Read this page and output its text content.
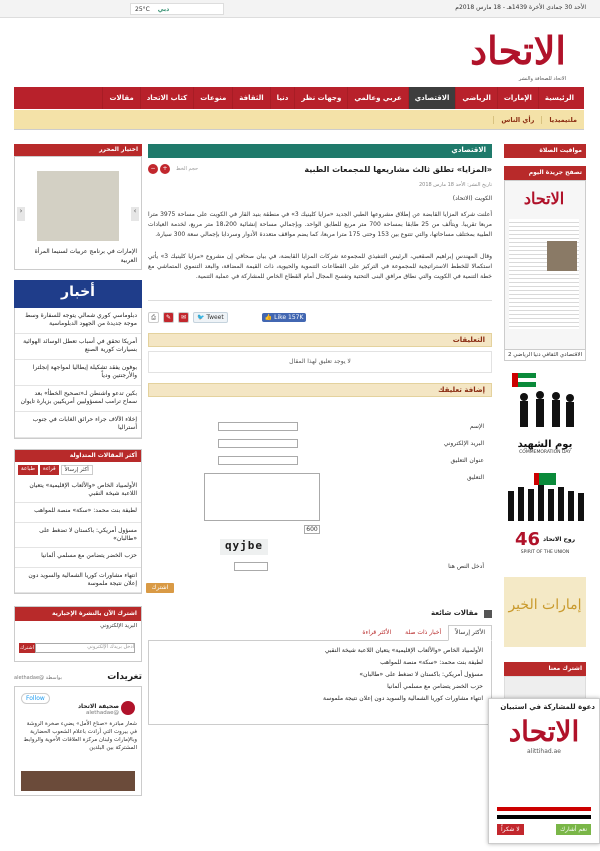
الأحد 30 جمادى الأخرة 1439هـ - 18 مارس 2018م
25°C دبي
الاتحاد
الاتحاد للصحافة والنشر
الرئيسية
الإمارات
الرياضي
الاقتصادي
عربي وعالمي
وجهات نظر
دنيا
الثقافة
منوعات
كتاب الاتحاد
مقالات
ملتيميديا
رأي الناس
مواقيت الصلاة
تصفح جريدة اليوم
الاتحاد
الاقتصادي
الثقافي
دنيا
الرياضي 2
يوم الشهيد
COMMEMORATION DAY
روح الاتحاد
46
SPIRIT OF THE UNION
إمارات الخير
اشترك معنا
الاقتصادي
«المزايا» تطلق ثالث مشاريعها للمجمعات الطبية
حجم الخط
+
−
تاريخ النشر: الأحد 18 مارس 2018
الكويت (الاتحاد)
أعلنت شركة المزايا القابضة عن إطلاق مشروعها الطبي الجديد «مزايا كلينيك 3» في منطقة بنيد القار في الكويت على مساحة 3975 مترا مربعا تقريبا. ويتألف من 25 طابقا بمساحة 700 متر مربع للطابق الواحد. وبإجمالي مساحة إنشائية 18،200 متر مربع، لخدمة العيادات الطبية بمختلف مساحاتها، والتي تتنوع بين 153 وحتى 175 مترا مربعا، كما يضم مواقف متعددة الأدوار وسردابا بإجمالي سعة 300 سيارة.
وقال المهندس إبراهيم الصقعبي، الرئيس التنفيذي للمجموعة شركات المزايا القابضة، في بيان صحافي إن مشروع «مزايا كلينيك 3» يأتي استكمالا للخطط الاستراتيجية للمجموعة في التركيز على القطاعات التنموية والحيوية، ذات القيمة المضافة، والبعد التنموي المتماشي مع خطة التنمية في الكويت والتي نطاق مرافق البنى التحتية وتفسح المجال أمام القطاع الخاص للمشاركة في عملية التنمية.
⎙	✎	✉	🐦 Tweet	👍 Like 157K
التعليقات
لا يوجد تعليق لهذا المقال
إضافة تعليقك
الإسم
البريد الإلكتروني
عنوان التعليق
التعليق
600
qyjbe
أدخل النص هنا
اشترك
مقالات شائعة
الأكثر إرسالاً
أخبار ذات صلة
الأكثر قراءة
الأولمبياد الخاص «والألعاب الإقليمية» يتعيان اللاعبة شيخة النقبي
لطيفة بنت محمد: «سكة» منصة للمواهب
مسؤول أمريكي: باكستان لا تضغط على «طالبان»
حزب الخضر يتضامن مع مسلمي ألمانيا
انتهاء مشاورات كوريا الشمالية والسويد دون إعلان نتيجة ملموسة
اختيار المحرر
‹	›
الإمارات في برنامج عربيات لسنيما المرأة العربية
أخبار
دبلوماسي كوري شمالي يتوجه للسفارة وسط موجة جديدة من الجهود الدبلوماسية
أمريكا تحقق في أسباب تعطل الوسائد الهوائية بسيارات كورية الصنع
بوفون يفقد تشكيلة إيطاليا لمواجهة إنجلترا والأرجنتين ودياً
بكين تدعو واشنطن لـ«تصحيح الخطأ» بعد سماح ترامب لمسؤوليين أمريكيين بزيارة تايوان
إخلاء الآلاف جراء حرائق الغابات في جنوب أستراليا
أكثر المقالات المتداولة
أكثر إرسالاً
قراءة
طباعة
الأولمبياد الخاص «والألعاب الإقليمية» يتعيان اللاعبة شيخة النقبي
لطيفة بنت محمد: «سكة» منصة للمواهب
مسؤول أمريكي: باكستان لا تضغط على «طالبان»
حزب الخضر يتضامن مع مسلمي ألمانيا
انتهاء مشاورات كوريا الشمالية والسويد دون إعلان نتيجة ملموسة
اشترك الآن بالنشرة الإخبارية
البريد الإلكتروني
أدخل بريدك الإلكتروني
اشترك
تغريدات
بواسطة @alethadae
Follow
صحيفة الاتحاد
@alethadae
شعار مبادرة «صناع الأمل» يضيء صخرة الروشة في بيروت التي أرادت باعلام الشعوب الحضارية وبالإمارات ولبنان مركزة العلاقات الأخوية والروابط المشتركة بين البلدين
دعوة للمشاركة في استبيان
الاتحاد
alittihad.ae
نعم أشارك
لا شكراً
